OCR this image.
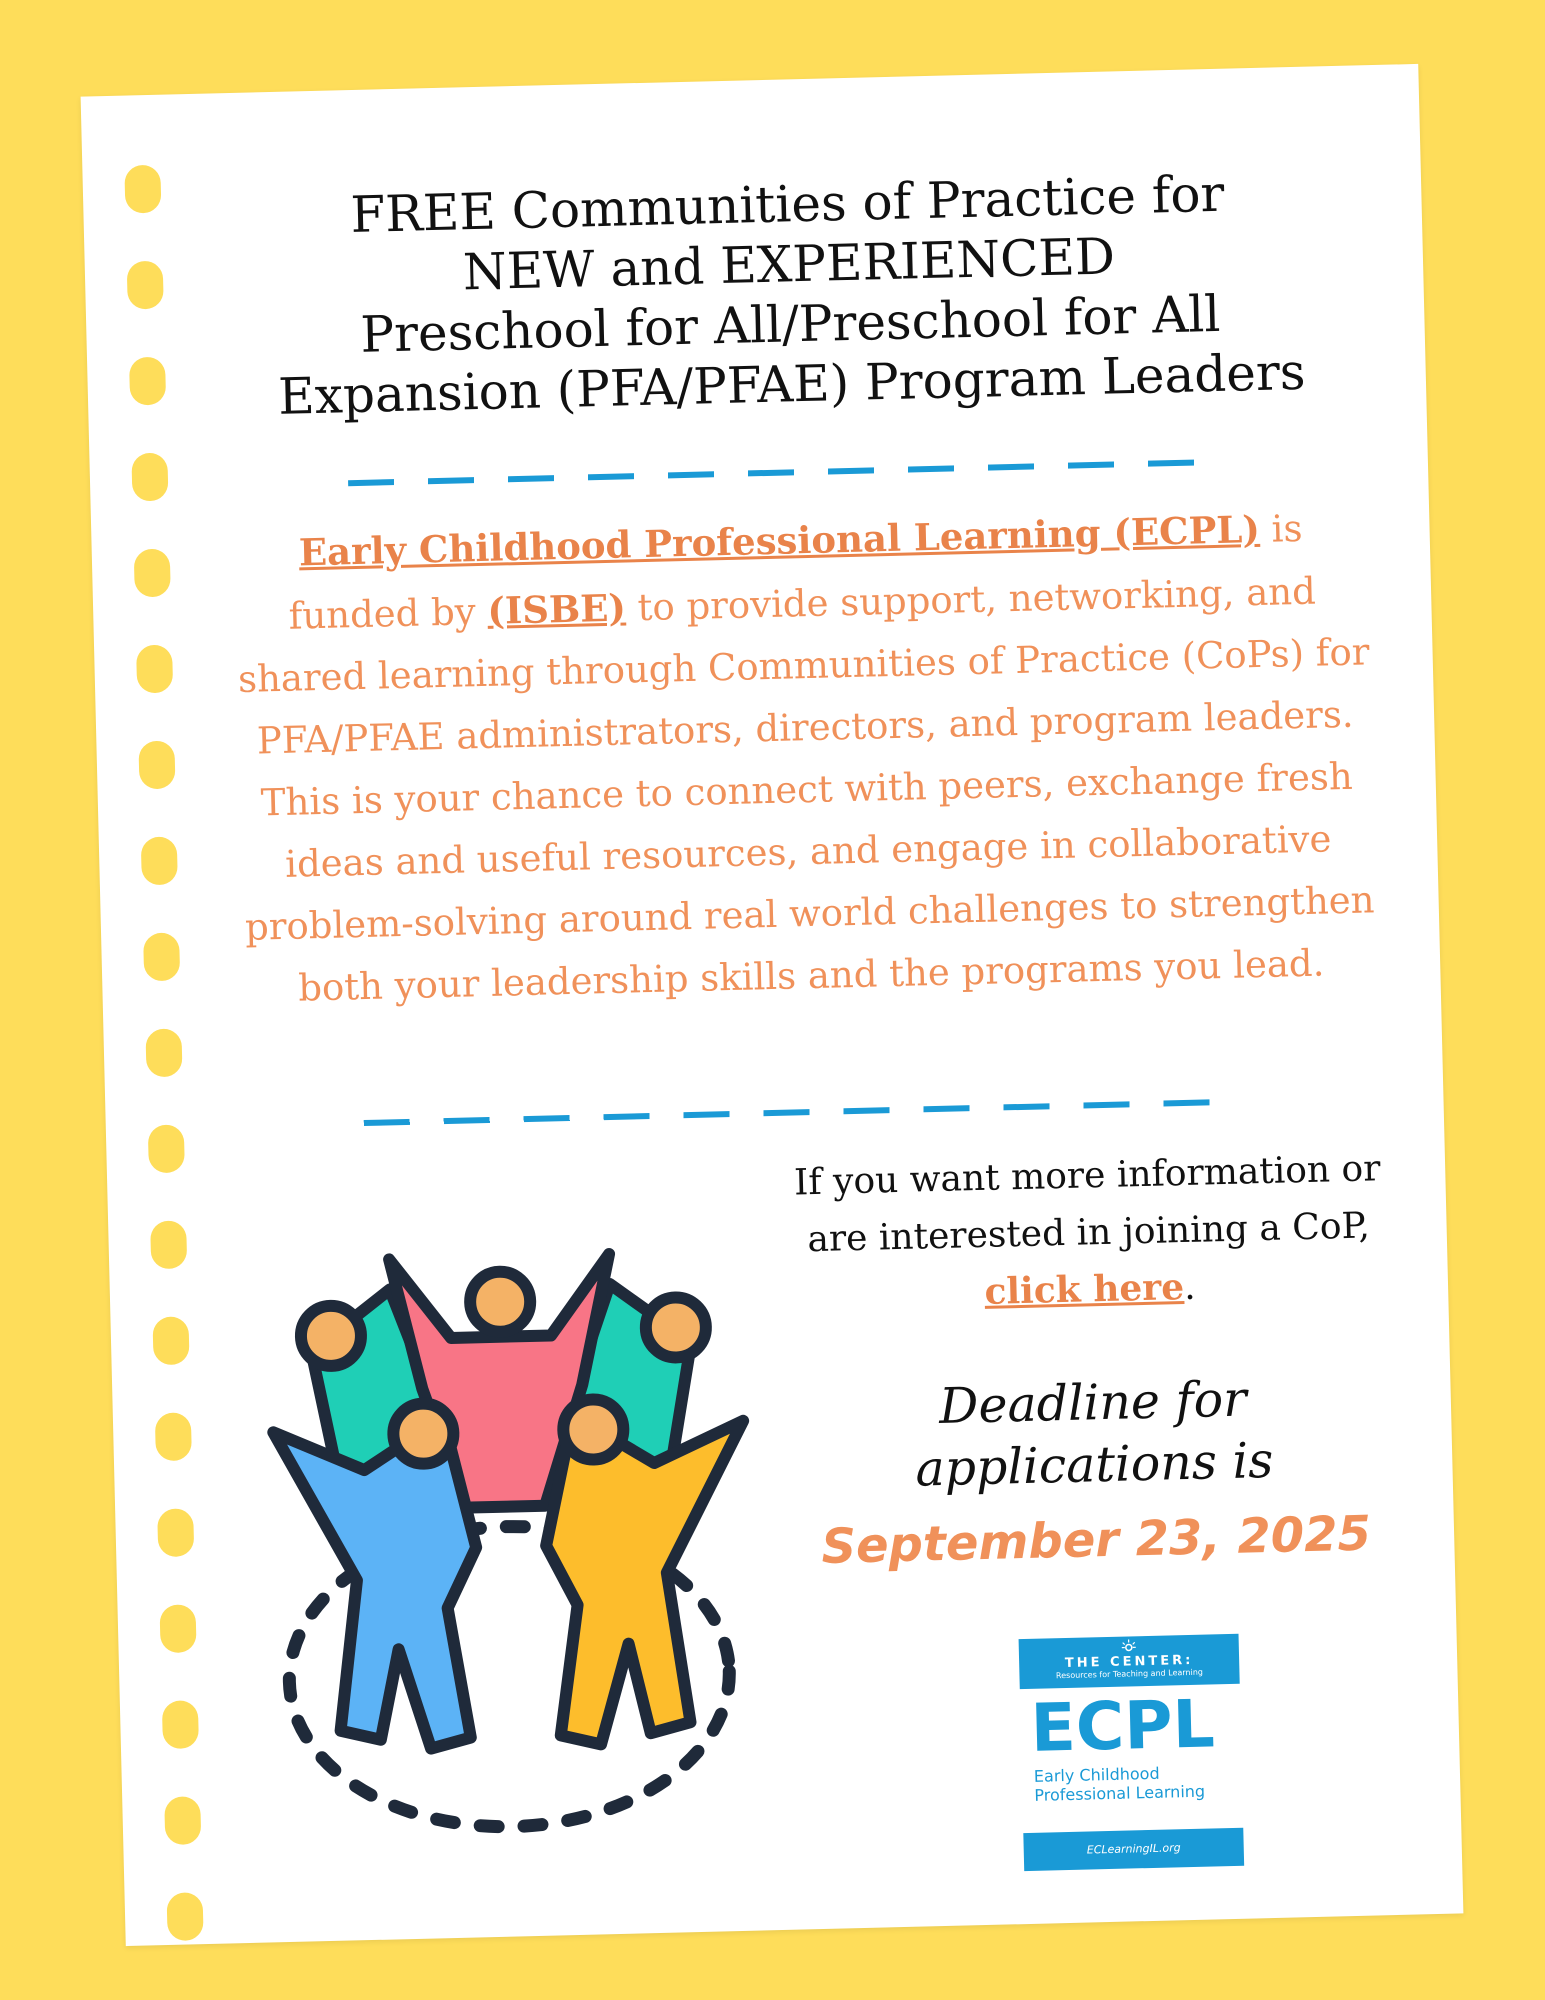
FREE Communities of Practice for
NEW and EXPERIENCED
Preschool for All/Preschool for All
Expansion (PFA/PFAE) Program Leaders

Early Childhood Professional Learning (ECPL) is
funded by (ISBE) to provide support, networking, and shared learning through Communities of Practice (CoPs) for PFA/PFAE administrators, directors, and program leaders. This is your chance to connect with peers, exchange fresh ideas and useful resources, and engage in collaborative problem-solving around real world challenges to strengthen both your leadership skills and the programs you lead.

If you want more information or are interested in joining a CoP, click here.

Deadline for
applications is

September 23, 2025
THE CENTER:
Resources for Teaching and Learning
ECPL
Early Childhood
Professional Learning
ECLearningIL.org
